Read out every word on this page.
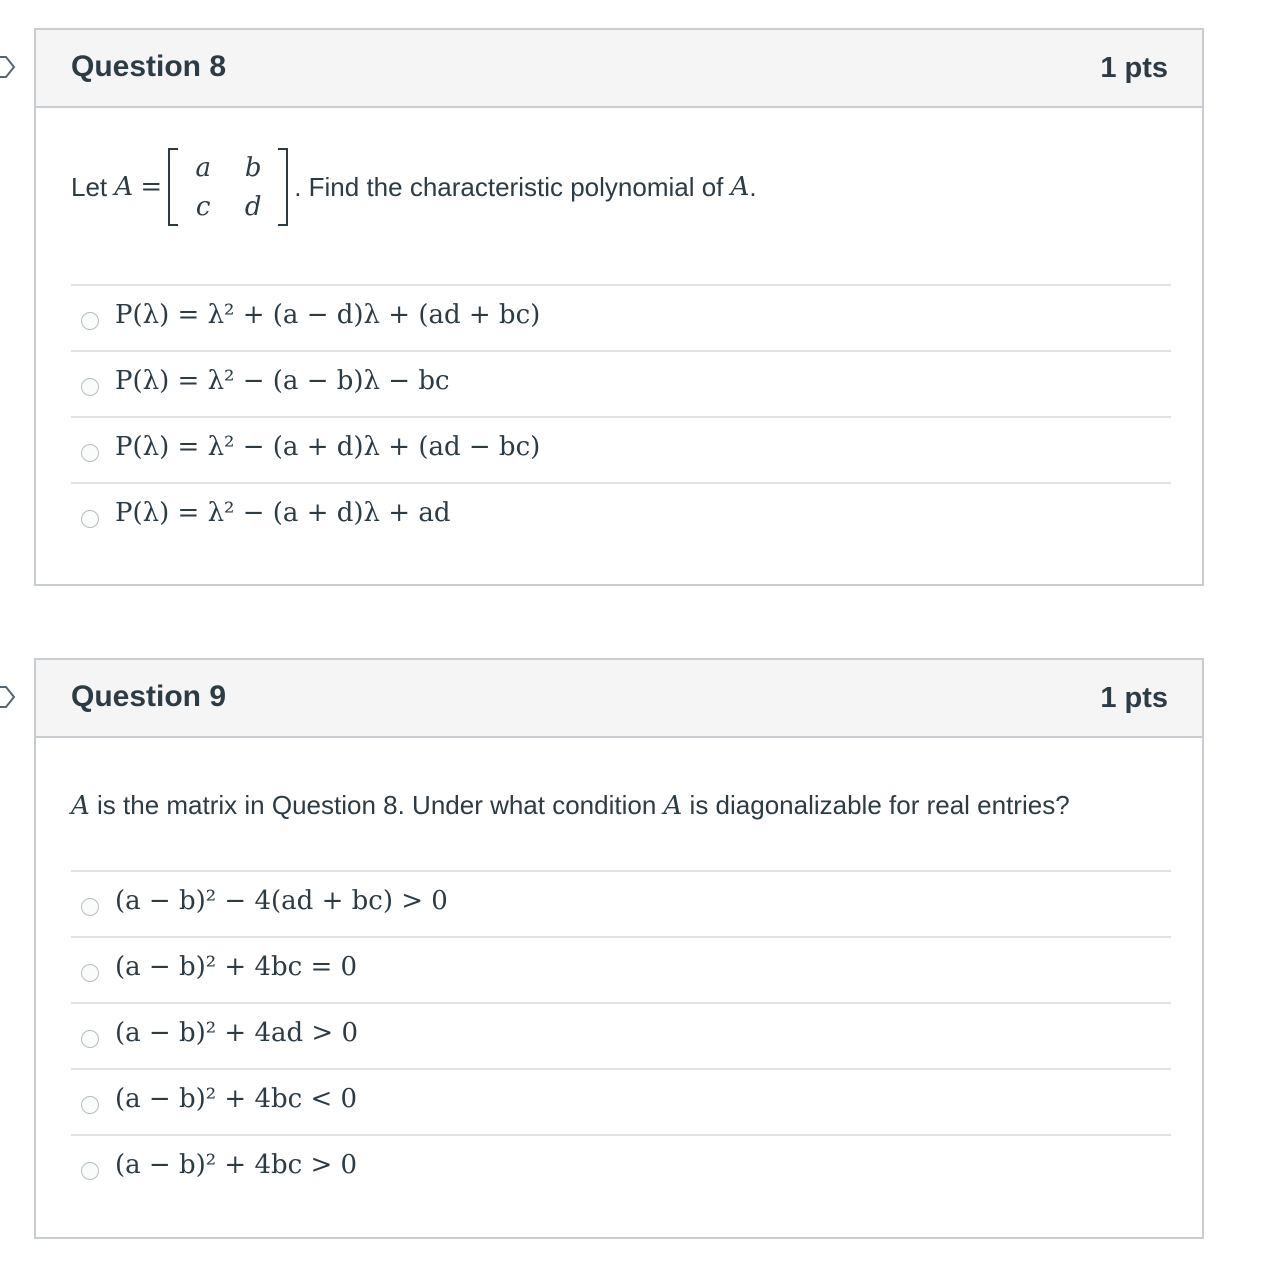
Question 8	1 pts
Let
A
=
a b
c d
. Find the characteristic polynomial of
A .
P(λ) = λ² + (a − d)λ + (ad + bc)
P(λ) = λ² − (a − b)λ − bc
P(λ) = λ² − (a + d)λ + (ad − bc)
P(λ) = λ² − (a + d)λ + ad
Question 9	1 pts
A
is the matrix in Question 8. Under what condition
A
is diagonalizable for real entries?
(a − b)² − 4(ad + bc) > 0
(a − b)² + 4bc = 0
(a − b)² + 4ad > 0
(a − b)² + 4bc < 0
(a − b)² + 4bc > 0
